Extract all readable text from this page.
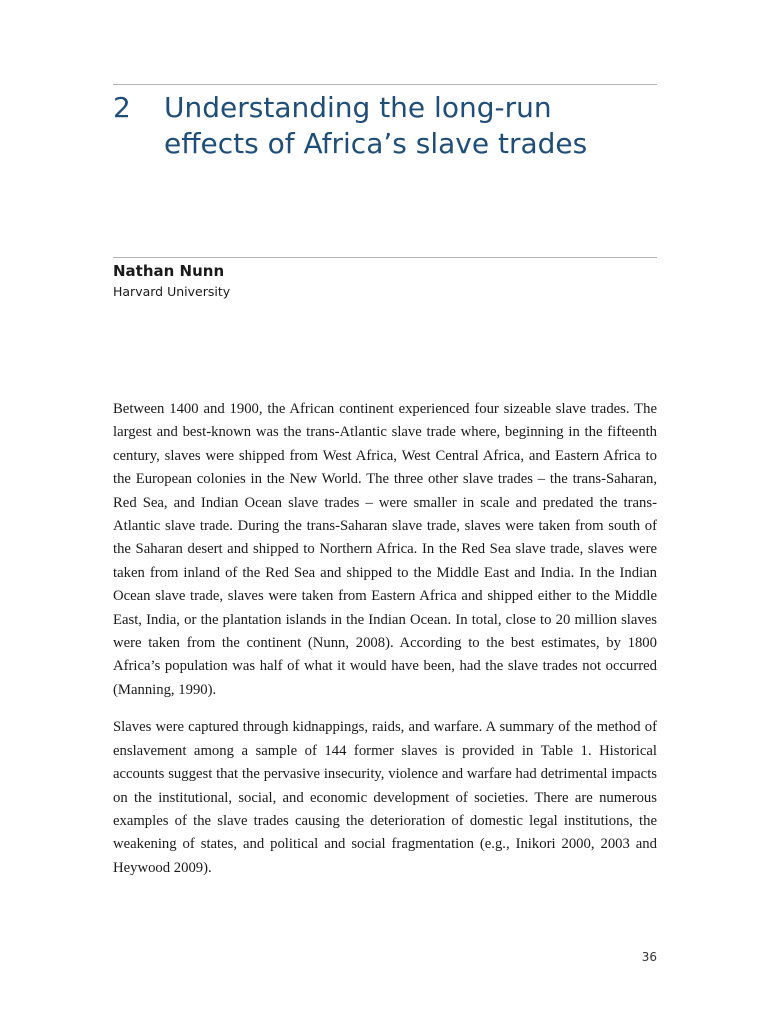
2 Understanding the long-run effects of Africa’s slave trades
Nathan Nunn
Harvard University

Between 1400 and 1900, the African continent experienced four sizeable slave trades. The largest and best-known was the trans-Atlantic slave trade where, beginning in the fifteenth century, slaves were shipped from West Africa, West Central Africa, and Eastern Africa to the European colonies in the New World. The three other slave trades – the trans-Saharan, Red Sea, and Indian Ocean slave trades – were smaller in scale and predated the trans-Atlantic slave trade. During the trans-Saharan slave trade, slaves were taken from south of the Saharan desert and shipped to Northern Africa. In the Red Sea slave trade, slaves were taken from inland of the Red Sea and shipped to the Middle East and India. In the Indian Ocean slave trade, slaves were taken from Eastern Africa and shipped either to the Middle East, India, or the plantation islands in the Indian Ocean. In total, close to 20 million slaves were taken from the continent (Nunn, 2008). According to the best estimates, by 1800 Africa’s population was half of what it would have been, had the slave trades not occurred (Manning, 1990).

Slaves were captured through kidnappings, raids, and warfare. A summary of the method of enslavement among a sample of 144 former slaves is provided in Table 1. Historical accounts suggest that the pervasive insecurity, violence and warfare had detrimental impacts on the institutional, social, and economic development of societies. There are numerous examples of the slave trades causing the deterioration of domestic legal institutions, the weakening of states, and political and social fragmentation (e.g., Inikori 2000, 2003 and Heywood 2009).

36
